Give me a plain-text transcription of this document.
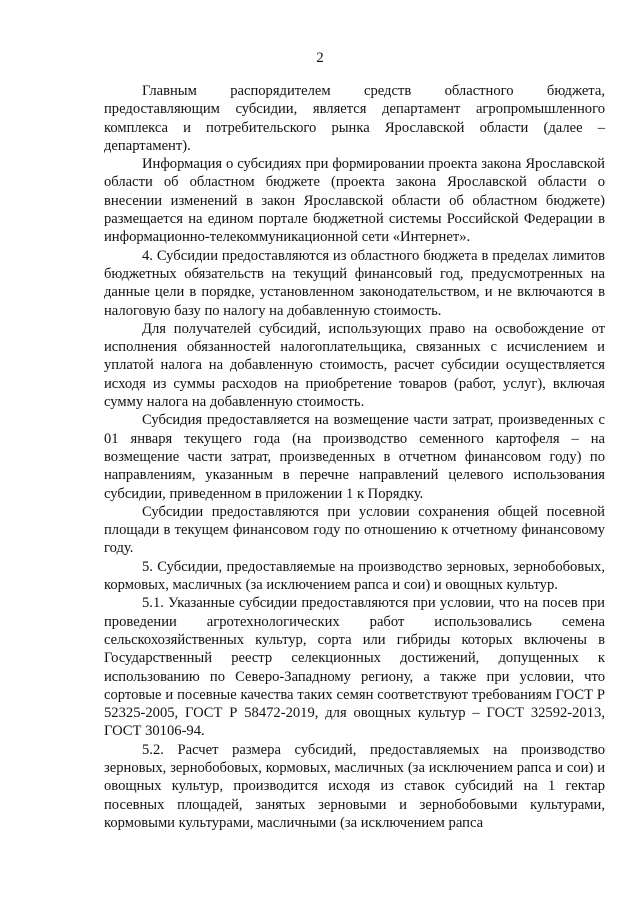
2

Главным распорядителем средств областного бюджета, предоставляющим субсидии, является департамент агропромышленного комплекса и потребительского рынка Ярославской области (далее – департамент).

Информация о субсидиях при формировании проекта закона Ярославской области об областном бюджете (проекта закона Ярославской области о внесении изменений в закон Ярославской области об областном бюджете) размещается на едином портале бюджетной системы Российской Федерации в информационно-телекоммуникационной сети «Интернет».

4. Субсидии предоставляются из областного бюджета в пределах лимитов бюджетных обязательств на текущий финансовый год, предусмотренных на данные цели в порядке, установленном законодательством, и не включаются в налоговую базу по налогу на добавленную стоимость.

Для получателей субсидий, использующих право на освобождение от исполнения обязанностей налогоплательщика, связанных с исчислением и уплатой налога на добавленную стоимость, расчет субсидии осуществляется исходя из суммы расходов на приобретение товаров (работ, услуг), включая сумму налога на добавленную стоимость.

Субсидия предоставляется на возмещение части затрат, произведенных с 01 января текущего года (на производство семенного картофеля – на возмещение части затрат, произведенных в отчетном финансовом году) по направлениям, указанным в перечне направлений целевого использования субсидии, приведенном в приложении 1 к Порядку.

Субсидии предоставляются при условии сохранения общей посевной площади в текущем финансовом году по отношению к отчетному финансовому году.

5. Субсидии, предоставляемые на производство зерновых, зернобобовых, кормовых, масличных (за исключением рапса и сои) и овощных культур.

5.1. Указанные субсидии предоставляются при условии, что на посев при проведении агротехнологических работ использовались семена сельскохозяйственных культур, сорта или гибриды которых включены в Государственный реестр селекционных достижений, допущенных к использованию по Северо-Западному региону, а также при условии, что сортовые и посевные качества таких семян соответствуют требованиям ГОСТ Р 52325-2005, ГОСТ Р 58472-2019, для овощных культур – ГОСТ 32592-2013, ГОСТ 30106-94.

5.2. Расчет размера субсидий, предоставляемых на производство зерновых, зернобобовых, кормовых, масличных (за исключением рапса и сои) и овощных культур, производится исходя из ставок субсидий на 1 гектар посевных площадей, занятых зерновыми и зернобобовыми культурами, кормовыми культурами, масличными (за исключением рапса
